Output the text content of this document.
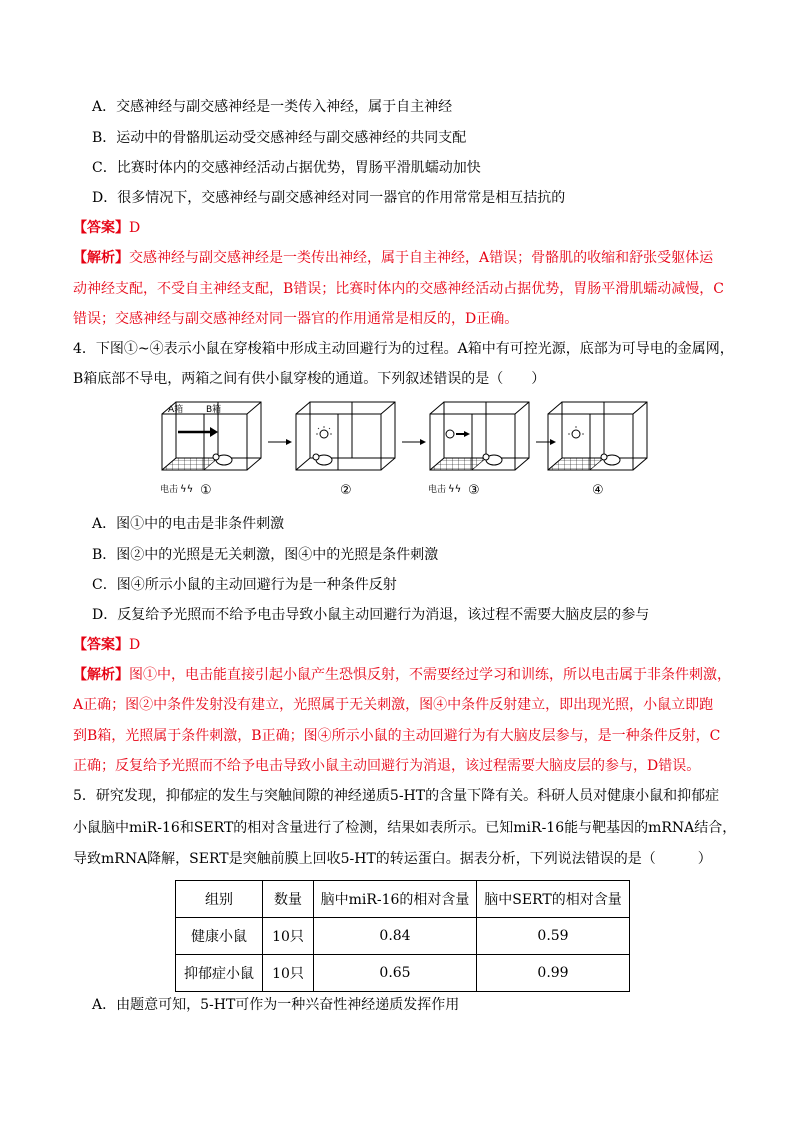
A．交感神经与副交感神经是一类传入神经，属于自主神经
B．运动中的骨骼肌运动受交感神经与副交感神经的共同支配
C．比赛时体内的交感神经活动占据优势，胃肠平滑肌蠕动加快
D．很多情况下，交感神经与副交感神经对同一器官的作用常常是相互拮抗的
【答案】D
【解析】交感神经与副交感神经是一类传出神经，属于自主神经，A错误；骨骼肌的收缩和舒张受躯体运
动神经支配，不受自主神经支配，B错误；比赛时体内的交感神经活动占据优势，胃肠平滑肌蠕动减慢，C
错误；交感神经与副交感神经对同一器官的作用通常是相反的，D正确。
4．下图①~④表示小鼠在穿梭箱中形成主动回避行为的过程。A箱中有可控光源，底部为可导电的金属网，
B箱底部不导电，两箱之间有供小鼠穿梭的通道。下列叙述错误的是（　　）
A箱	B箱
电击 ϟϟ ①	②	电击 ϟϟ ③	④
A．图①中的电击是非条件刺激
B．图②中的光照是无关刺激，图④中的光照是条件刺激
C．图④所示小鼠的主动回避行为是一种条件反射
D．反复给予光照而不给予电击导致小鼠主动回避行为消退，该过程不需要大脑皮层的参与
【答案】D
【解析】图①中，电击能直接引起小鼠产生恐惧反射，不需要经过学习和训练，所以电击属于非条件刺激，
A正确；图②中条件发射没有建立，光照属于无关刺激，图④中条件反射建立，即出现光照，小鼠立即跑
到B箱，光照属于条件刺激，B正确；图④所示小鼠的主动回避行为有大脑皮层参与，是一种条件反射，C
正确；反复给予光照而不给予电击导致小鼠主动回避行为消退，该过程需要大脑皮层的参与，D错误。
5．研究发现，抑郁症的发生与突触间隙的神经递质5-HT的含量下降有关。科研人员对健康小鼠和抑郁症
小鼠脑中miR-16和SERT的相对含量进行了检测，结果如表所示。已知miR-16能与靶基因的mRNA结合，
导致mRNA降解，SERT是突触前膜上回收5-HT的转运蛋白。据表分析，下列说法错误的是（　　　）
组别	数量	脑中miR-16的相对含量	脑中SERT的相对含量
健康小鼠	10只	0.84	0.59
抑郁症小鼠	10只	0.65	0.99
A．由题意可知，5-HT可作为一种兴奋性神经递质发挥作用
